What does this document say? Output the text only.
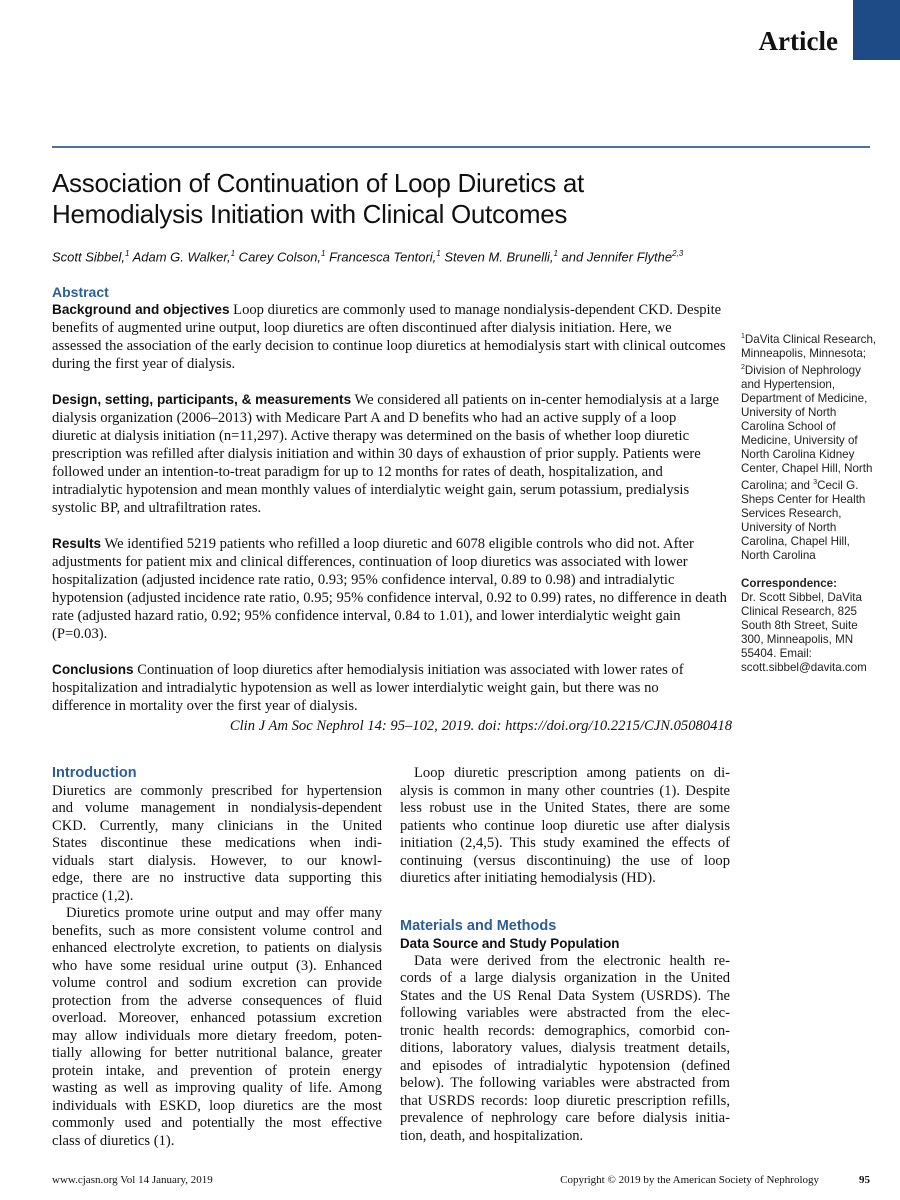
Article
Association of Continuation of Loop Diuretics at
Hemodialysis Initiation with Clinical Outcomes
Scott Sibbel,$^1$ Adam G. Walker,$^1$ Carey Colson,$^1$ Francesca Tentori,$^1$ Steven M. Brunelli,$^1$ and Jennifer Flythe$^{2,3}$
$^1$DaVita Clinical Research, Minneapolis, Minnesota; $^2$Division of Nephrology and Hypertension, Department of Medicine, University of North Carolina School of Medicine, University of North Carolina Kidney Center, Chapel Hill, North Carolina; and $^3$Cecil G. Sheps Center for Health Services Research, University of North Carolina, Chapel Hill, North Carolina
Correspondence:
Dr. Scott Sibbel, DaVita Clinical Research, 825 South 8th Street, Suite 300, Minneapolis, MN 55404. Email: scott.sibbel@davita.com
Abstract
Background and objectives Loop diuretics are commonly used to manage nondialysis-dependent CKD. Despite
benefits of augmented urine output, loop diuretics are often discontinued after dialysis initiation. Here, we
assessed the association of the early decision to continue loop diuretics at hemodialysis start with clinical outcomes
during the first year of dialysis.
Design, setting, participants, & measurements We considered all patients on in-center hemodialysis at a large
dialysis organization (2006–2013) with Medicare Part A and D benefits who had an active supply of a loop
diuretic at dialysis initiation (n=11,297). Active therapy was determined on the basis of whether loop diuretic
prescription was refilled after dialysis initiation and within 30 days of exhaustion of prior supply. Patients were
followed under an intention-to-treat paradigm for up to 12 months for rates of death, hospitalization, and
intradialytic hypotension and mean monthly values of interdialytic weight gain, serum potassium, predialysis
systolic BP, and ultrafiltration rates.
Results We identified 5219 patients who refilled a loop diuretic and 6078 eligible controls who did not. After
adjustments for patient mix and clinical differences, continuation of loop diuretics was associated with lower
hospitalization (adjusted incidence rate ratio, 0.93; 95% confidence interval, 0.89 to 0.98) and intradialytic
hypotension (adjusted incidence rate ratio, 0.95; 95% confidence interval, 0.92 to 0.99) rates, no difference in death
rate (adjusted hazard ratio, 0.92; 95% confidence interval, 0.84 to 1.01), and lower interdialytic weight gain
(P=0.03).
Conclusions Continuation of loop diuretics after hemodialysis initiation was associated with lower rates of
hospitalization and intradialytic hypotension as well as lower interdialytic weight gain, but there was no
difference in mortality over the first year of dialysis.
Clin J Am Soc Nephrol 14: 95–102, 2019. doi: https://doi.org/10.2215/CJN.05080418
Introduction
Diuretics are commonly prescribed for hypertension
and volume management in nondialysis-dependent
CKD. Currently, many clinicians in the United
States discontinue these medications when indi-
viduals start dialysis. However, to our knowl-
edge, there are no instructive data supporting this
practice (1,2).
Diuretics promote urine output and may offer many
benefits, such as more consistent volume control and
enhanced electrolyte excretion, to patients on dialysis
who have some residual urine output (3). Enhanced
volume control and sodium excretion can provide
protection from the adverse consequences of fluid
overload. Moreover, enhanced potassium excretion
may allow individuals more dietary freedom, poten-
tially allowing for better nutritional balance, greater
protein intake, and prevention of protein energy
wasting as well as improving quality of life. Among
individuals with ESKD, loop diuretics are the most
commonly used and potentially the most effective
class of diuretics (1).
Loop diuretic prescription among patients on di-
alysis is common in many other countries (1). Despite
less robust use in the United States, there are some
patients who continue loop diuretic use after dialysis
initiation (2,4,5). This study examined the effects of
continuing (versus discontinuing) the use of loop
diuretics after initiating hemodialysis (HD).
Materials and Methods
Data Source and Study Population
Data were derived from the electronic health re-
cords of a large dialysis organization in the United
States and the US Renal Data System (USRDS). The
following variables were abstracted from the elec-
tronic health records: demographics, comorbid con-
ditions, laboratory values, dialysis treatment details,
and episodes of intradialytic hypotension (defined
below). The following variables were abstracted from
that USRDS records: loop diuretic prescription refills,
prevalence of nephrology care before dialysis initia-
tion, death, and hospitalization.
www.cjasn.org Vol 14 January, 2019	Copyright © 2019 by the American Society of Nephrology	95
